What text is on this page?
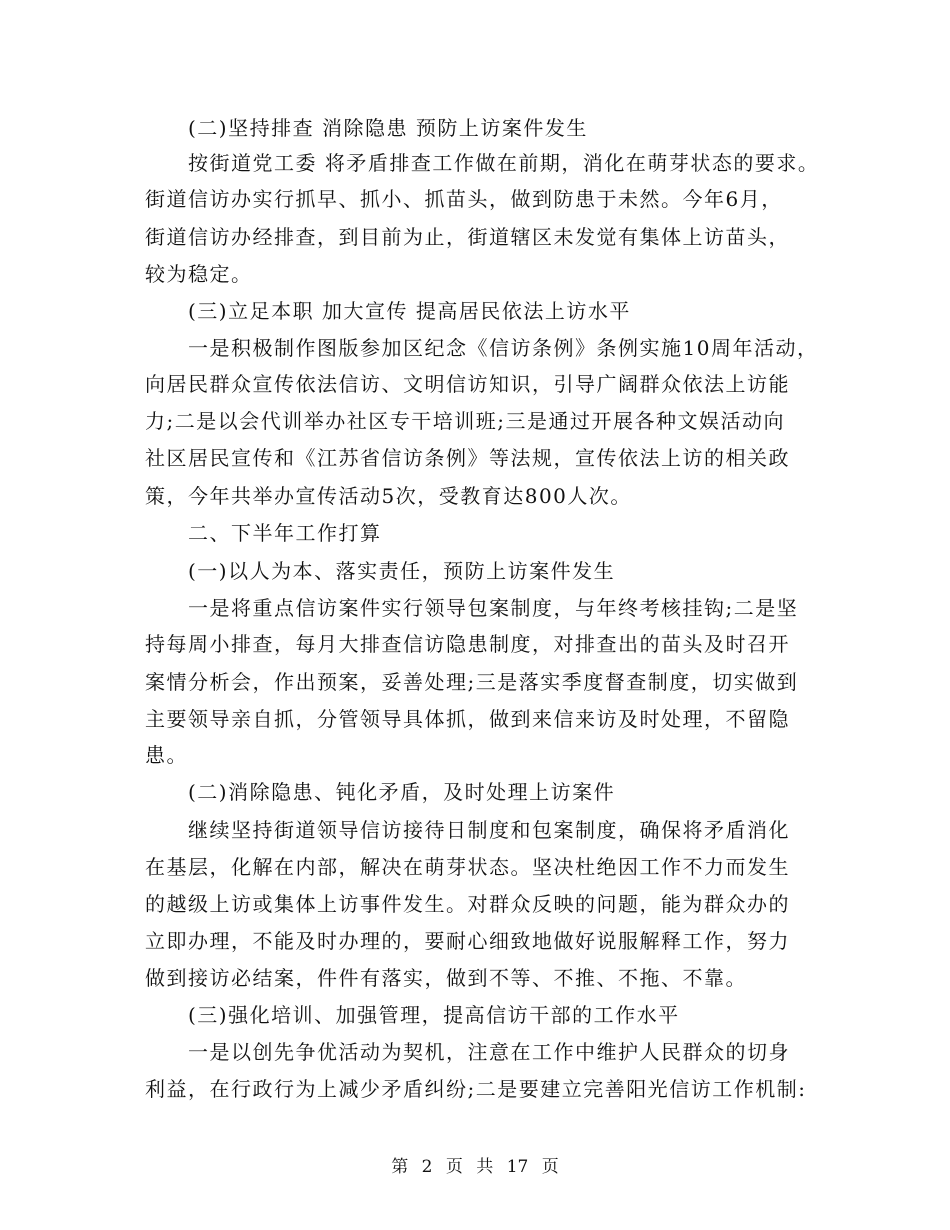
(二)坚持排查 消除隐患 预防上访案件发生
按街道党工委 将矛盾排查工作做在前期，消化在萌芽状态的要求。
街道信访办实行抓早、抓小、抓苗头，做到防患于未然。今年6月，
街道信访办经排查，到目前为止，街道辖区未发觉有集体上访苗头，
较为稳定。
(三)立足本职 加大宣传 提高居民依法上访水平
一是积极制作图版参加区纪念《信访条例》条例实施10周年活动，
向居民群众宣传依法信访、文明信访知识，引导广阔群众依法上访能
力;二是以会代训举办社区专干培训班;三是通过开展各种文娱活动向
社区居民宣传和《江苏省信访条例》等法规，宣传依法上访的相关政
策，今年共举办宣传活动5次，受教育达800人次。
二、下半年工作打算
(一)以人为本、落实责任，预防上访案件发生
一是将重点信访案件实行领导包案制度，与年终考核挂钩;二是坚
持每周小排查，每月大排查信访隐患制度，对排查出的苗头及时召开
案情分析会，作出预案，妥善处理;三是落实季度督查制度，切实做到
主要领导亲自抓，分管领导具体抓，做到来信来访及时处理，不留隐
患。
(二)消除隐患、钝化矛盾，及时处理上访案件
继续坚持街道领导信访接待日制度和包案制度，确保将矛盾消化
在基层，化解在内部，解决在萌芽状态。坚决杜绝因工作不力而发生
的越级上访或集体上访事件发生。对群众反映的问题，能为群众办的
立即办理，不能及时办理的，要耐心细致地做好说服解释工作，努力
做到接访必结案，件件有落实，做到不等、不推、不拖、不靠。
(三)强化培训、加强管理，提高信访干部的工作水平
一是以创先争优活动为契机，注意在工作中维护人民群众的切身
利益，在行政行为上减少矛盾纠纷;二是要建立完善阳光信访工作机制:
第 2 页 共 17 页
